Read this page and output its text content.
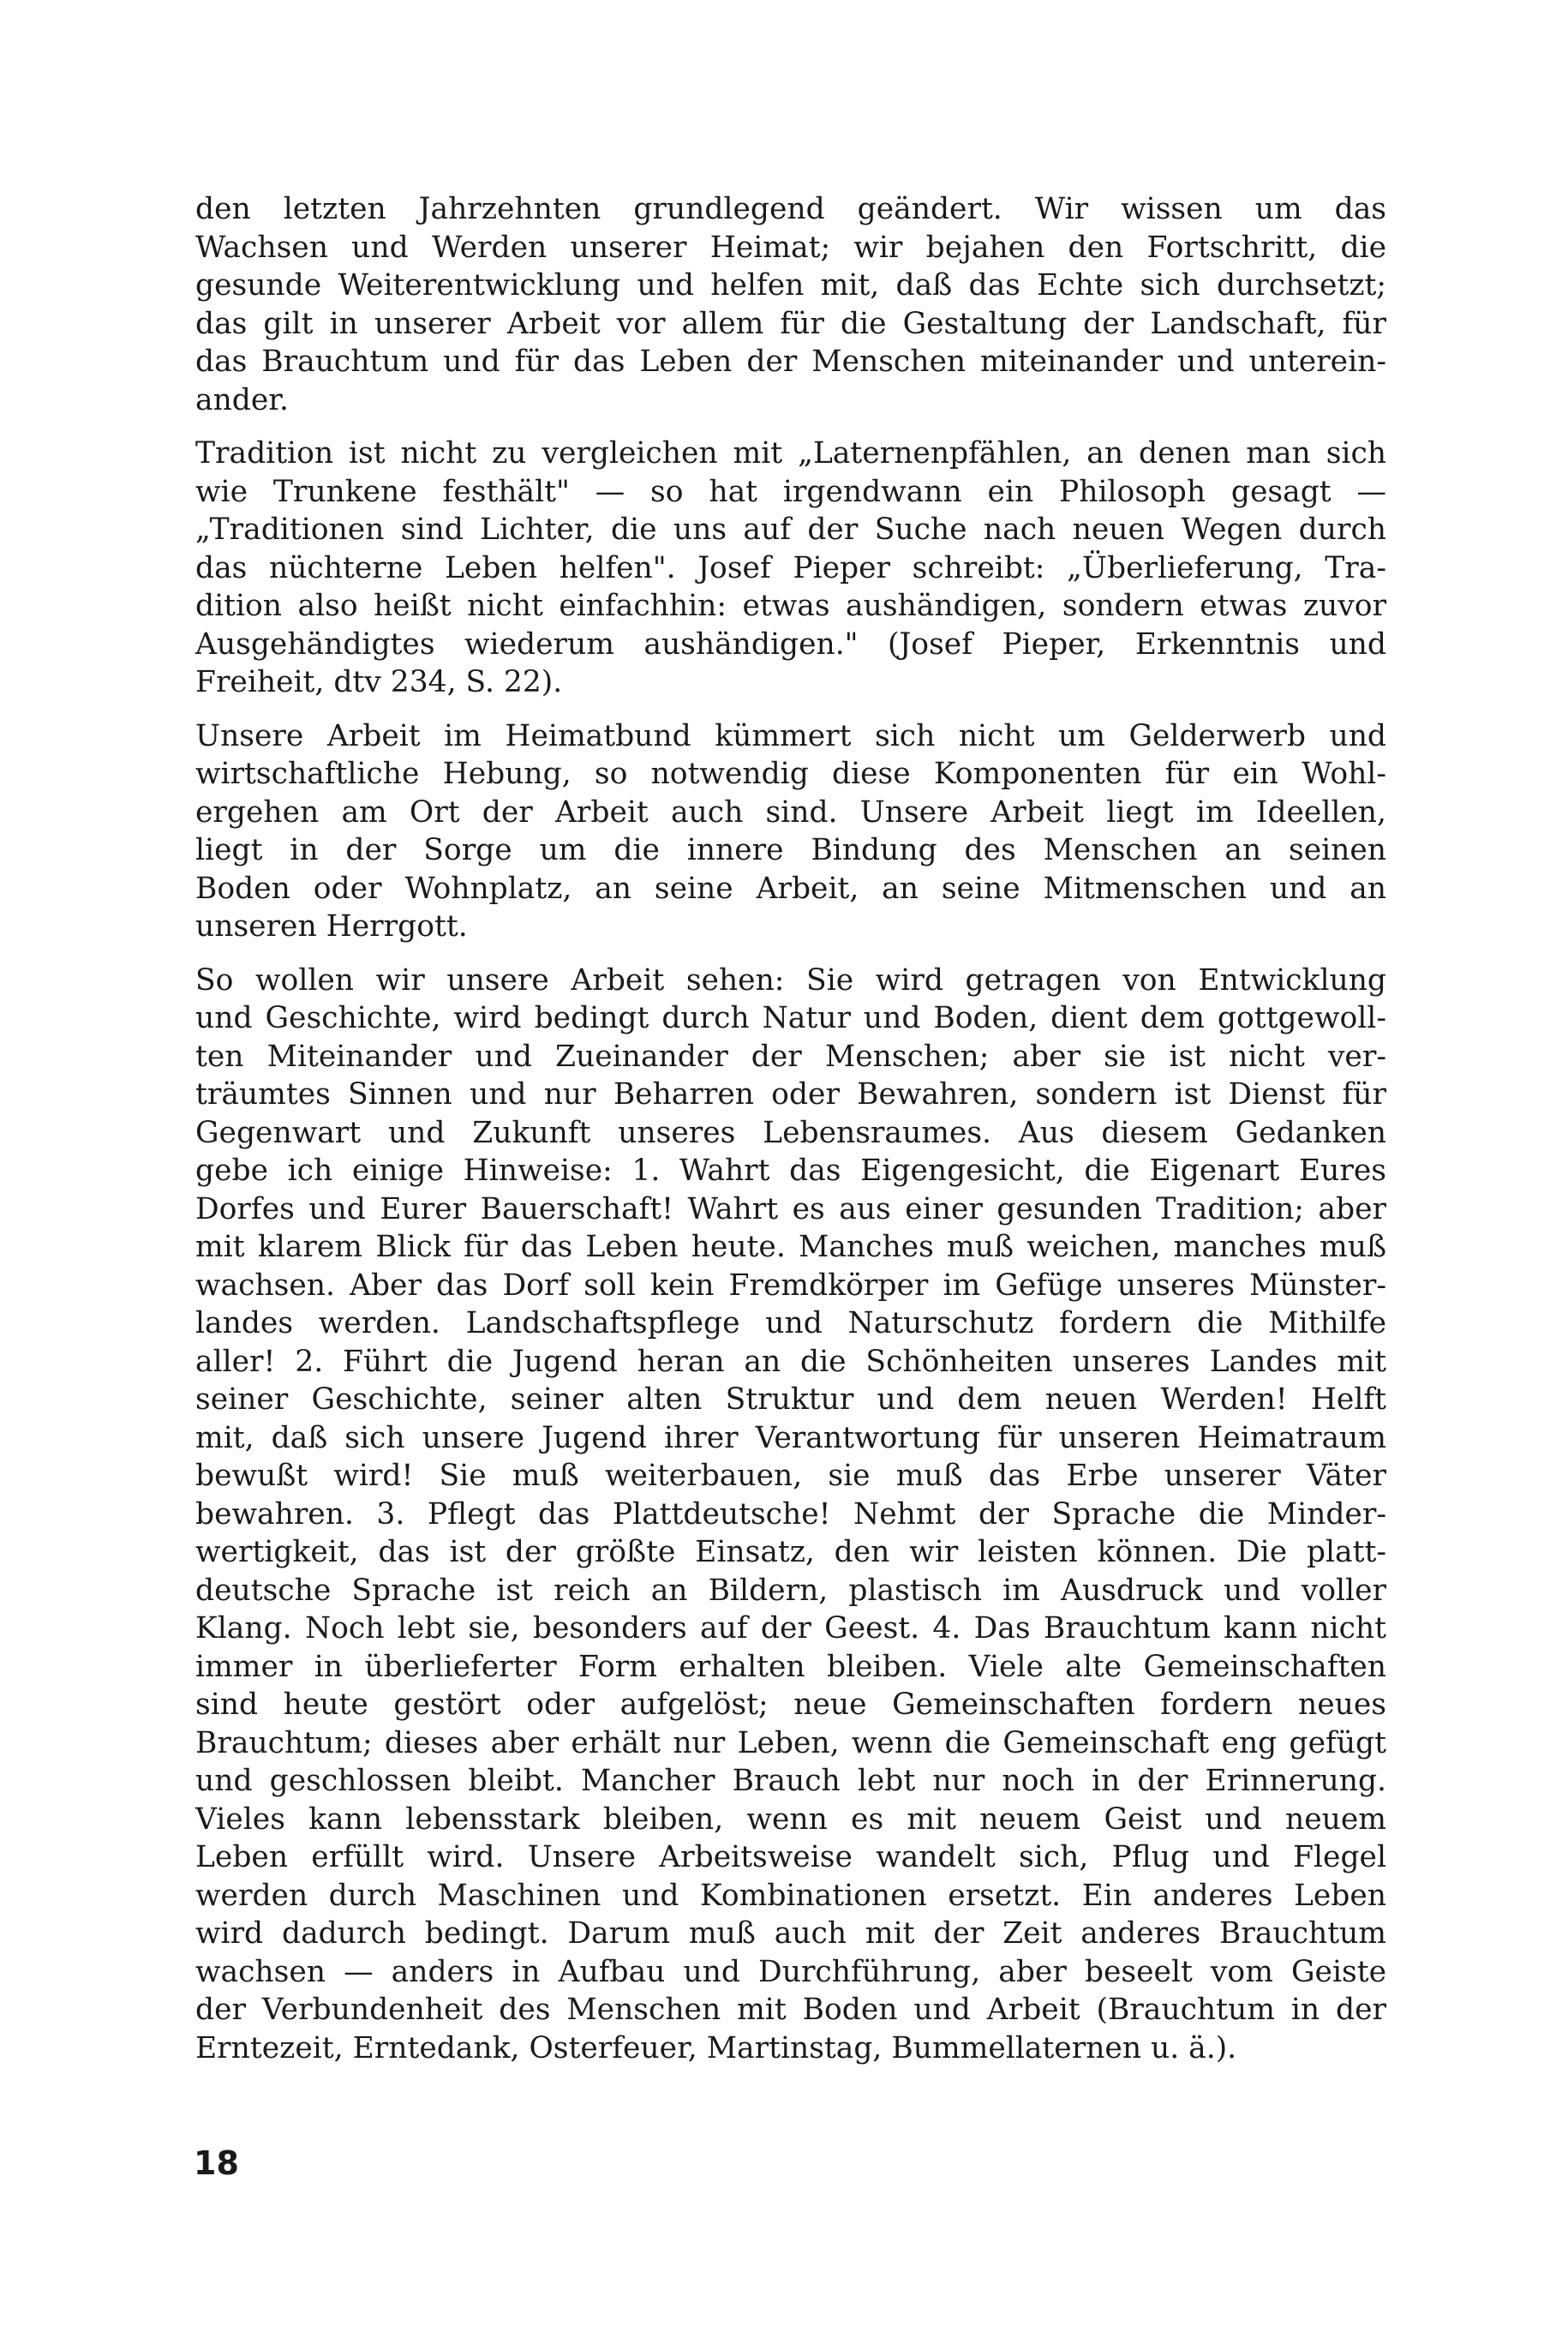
den letzten Jahrzehnten grundlegend geändert. Wir wissen um das
Wachsen und Werden unserer Heimat; wir bejahen den Fortschritt, die
gesunde Weiterentwicklung und helfen mit, daß das Echte sich durchsetzt;
das gilt in unserer Arbeit vor allem für die Gestaltung der Landschaft, für
das Brauchtum und für das Leben der Menschen miteinander und unterein-
ander.
Tradition ist nicht zu vergleichen mit „Laternenpfählen, an denen man sich
wie Trunkene festhält" — so hat irgendwann ein Philosoph gesagt —
„Traditionen sind Lichter, die uns auf der Suche nach neuen Wegen durch
das nüchterne Leben helfen". Josef Pieper schreibt: „Überlieferung, Tra-
dition also heißt nicht einfachhin: etwas aushändigen, sondern etwas zuvor
Ausgehändigtes wiederum aushändigen." (Josef Pieper, Erkenntnis und
Freiheit, dtv 234, S. 22).
Unsere Arbeit im Heimatbund kümmert sich nicht um Gelderwerb und
wirtschaftliche Hebung, so notwendig diese Komponenten für ein Wohl-
ergehen am Ort der Arbeit auch sind. Unsere Arbeit liegt im Ideellen,
liegt in der Sorge um die innere Bindung des Menschen an seinen
Boden oder Wohnplatz, an seine Arbeit, an seine Mitmenschen und an
unseren Herrgott.
So wollen wir unsere Arbeit sehen: Sie wird getragen von Entwicklung
und Geschichte, wird bedingt durch Natur und Boden, dient dem gottgewoll-
ten Miteinander und Zueinander der Menschen; aber sie ist nicht ver-
träumtes Sinnen und nur Beharren oder Bewahren, sondern ist Dienst für
Gegenwart und Zukunft unseres Lebensraumes. Aus diesem Gedanken
gebe ich einige Hinweise: 1. Wahrt das Eigengesicht, die Eigenart Eures
Dorfes und Eurer Bauerschaft! Wahrt es aus einer gesunden Tradition; aber
mit klarem Blick für das Leben heute. Manches muß weichen, manches muß
wachsen. Aber das Dorf soll kein Fremdkörper im Gefüge unseres Münster-
landes werden. Landschaftspflege und Naturschutz fordern die Mithilfe
aller! 2. Führt die Jugend heran an die Schönheiten unseres Landes mit
seiner Geschichte, seiner alten Struktur und dem neuen Werden! Helft
mit, daß sich unsere Jugend ihrer Verantwortung für unseren Heimatraum
bewußt wird! Sie muß weiterbauen, sie muß das Erbe unserer Väter
bewahren. 3. Pflegt das Plattdeutsche! Nehmt der Sprache die Minder-
wertigkeit, das ist der größte Einsatz, den wir leisten können. Die platt-
deutsche Sprache ist reich an Bildern, plastisch im Ausdruck und voller
Klang. Noch lebt sie, besonders auf der Geest. 4. Das Brauchtum kann nicht
immer in überlieferter Form erhalten bleiben. Viele alte Gemeinschaften
sind heute gestört oder aufgelöst; neue Gemeinschaften fordern neues
Brauchtum; dieses aber erhält nur Leben, wenn die Gemeinschaft eng gefügt
und geschlossen bleibt. Mancher Brauch lebt nur noch in der Erinnerung.
Vieles kann lebensstark bleiben, wenn es mit neuem Geist und neuem
Leben erfüllt wird. Unsere Arbeitsweise wandelt sich, Pflug und Flegel
werden durch Maschinen und Kombinationen ersetzt. Ein anderes Leben
wird dadurch bedingt. Darum muß auch mit der Zeit anderes Brauchtum
wachsen — anders in Aufbau und Durchführung, aber beseelt vom Geiste
der Verbundenheit des Menschen mit Boden und Arbeit (Brauchtum in der
Erntezeit, Erntedank, Osterfeuer, Martinstag, Bummellaternen u. ä.).
18
